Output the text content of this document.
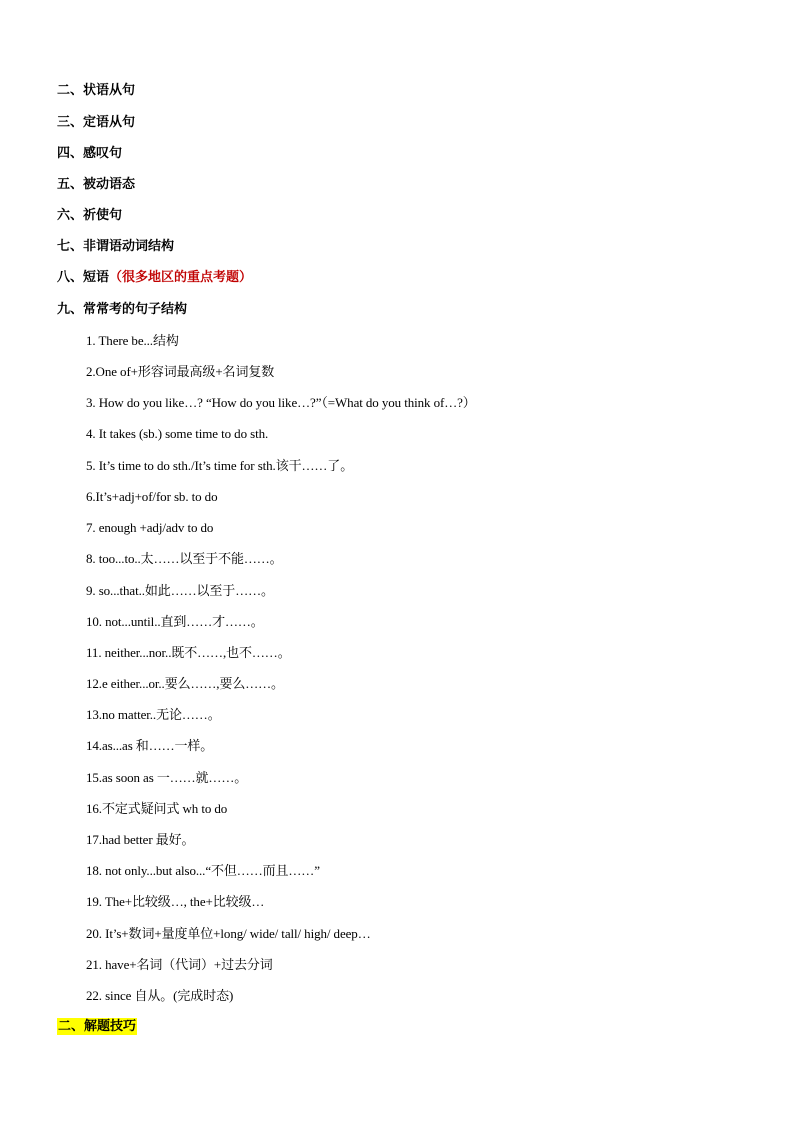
二、状语从句
三、定语从句
四、感叹句
五、被动语态
六、祈使句
七、非谓语动词结构
八、短语（很多地区的重点考题）
九、常常考的句子结构
1. There be...结构
2.One of+形容词最高级+名词复数
3. How do you like…? “How do you like…?”（=What do you think of…?）
4. It takes (sb.) some time to do sth.
5. It’s time to do sth./It’s time for sth.该干……了。
6.It’s+adj+of/for sb. to do
7. enough +adj/adv to do
8. too...to..太……以至于不能……。
9. so...that..如此……以至于……。
10. not...until..直到……才……。
11. neither...nor..既不……,也不……。
12.e either...or..要么……,要么……。
13.no matter..无论……。
14.as...as 和……一样。
15.as soon as 一……就……。
16.不定式疑问式 wh to do
17.had better 最好。
18. not only...but also...“不但……而且……”
19. The+比较级…, the+比较级…
20. It’s+数词+量度单位+long/ wide/ tall/ high/ deep…
21. have+名词（代词）+过去分词
22. since 自从。(完成时态)
二、解题技巧
